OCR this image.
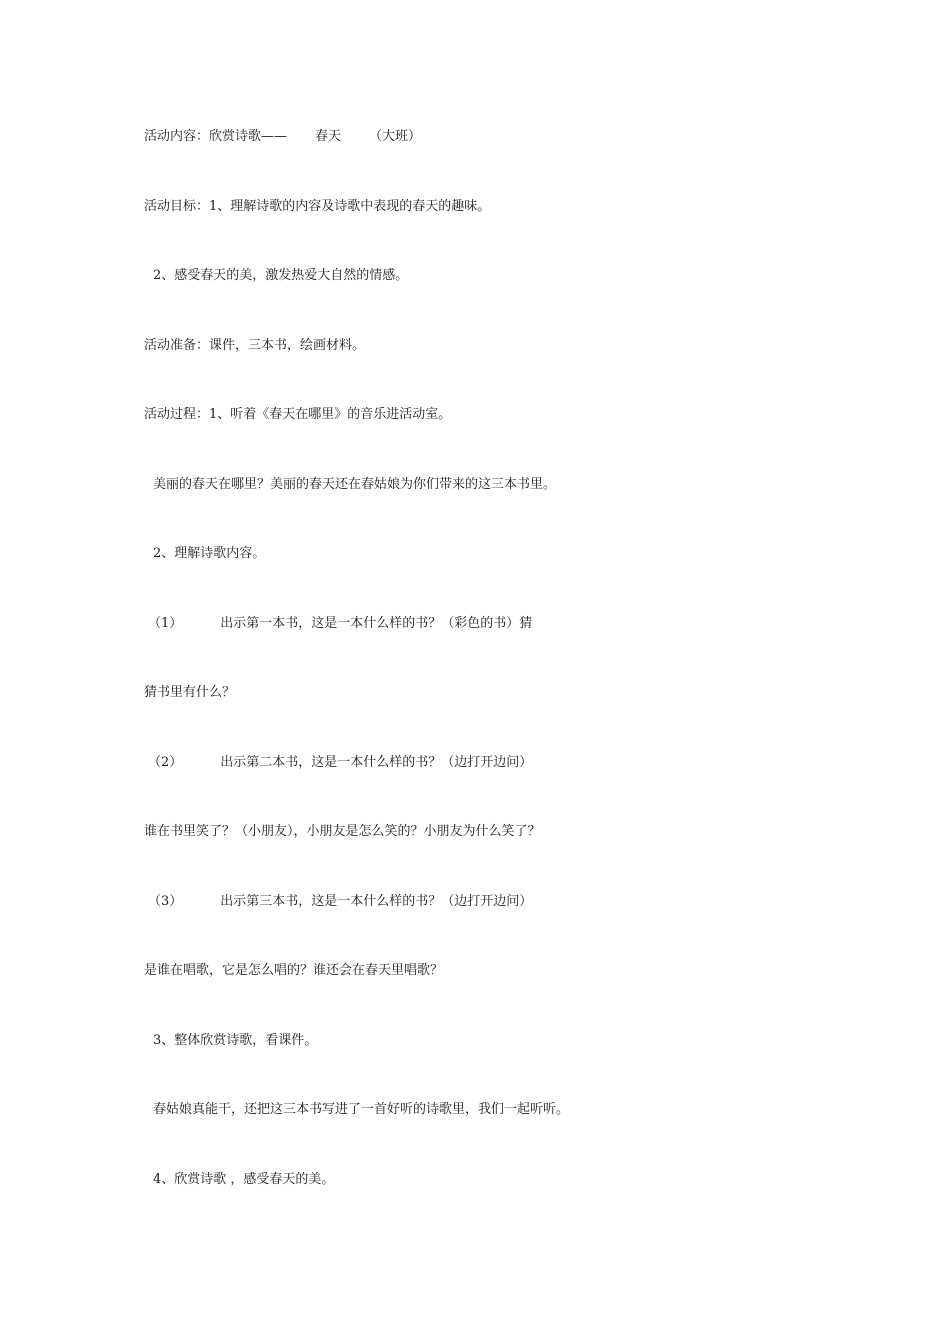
活动内容：欣赏诗歌—— 春天 （大班）
活动目标：1、理解诗歌的内容及诗歌中表现的春天的趣味。
2、感受春天的美，激发热爱大自然的情感。
活动准备：课件，三本书，绘画材料。
活动过程：1、听着《春天在哪里》的音乐进活动室。
美丽的春天在哪里？美丽的春天还在春姑娘为你们带来的这三本书里。
2、理解诗歌内容。
（1）	出示第一本书，这是一本什么样的书？（彩色的书）猜
猜书里有什么？
（2）	出示第二本书，这是一本什么样的书？（边打开边问）
谁在书里笑了？（小朋友），小朋友是怎么笑的？小朋友为什么笑了？
（3）	出示第三本书，这是一本什么样的书？（边打开边问）
是谁在唱歌，它是怎么唱的？谁还会在春天里唱歌？
3、整体欣赏诗歌，看课件。
春姑娘真能干，还把这三本书写进了一首好听的诗歌里，我们一起听听。
4、欣赏诗歌 ，感受春天的美。
